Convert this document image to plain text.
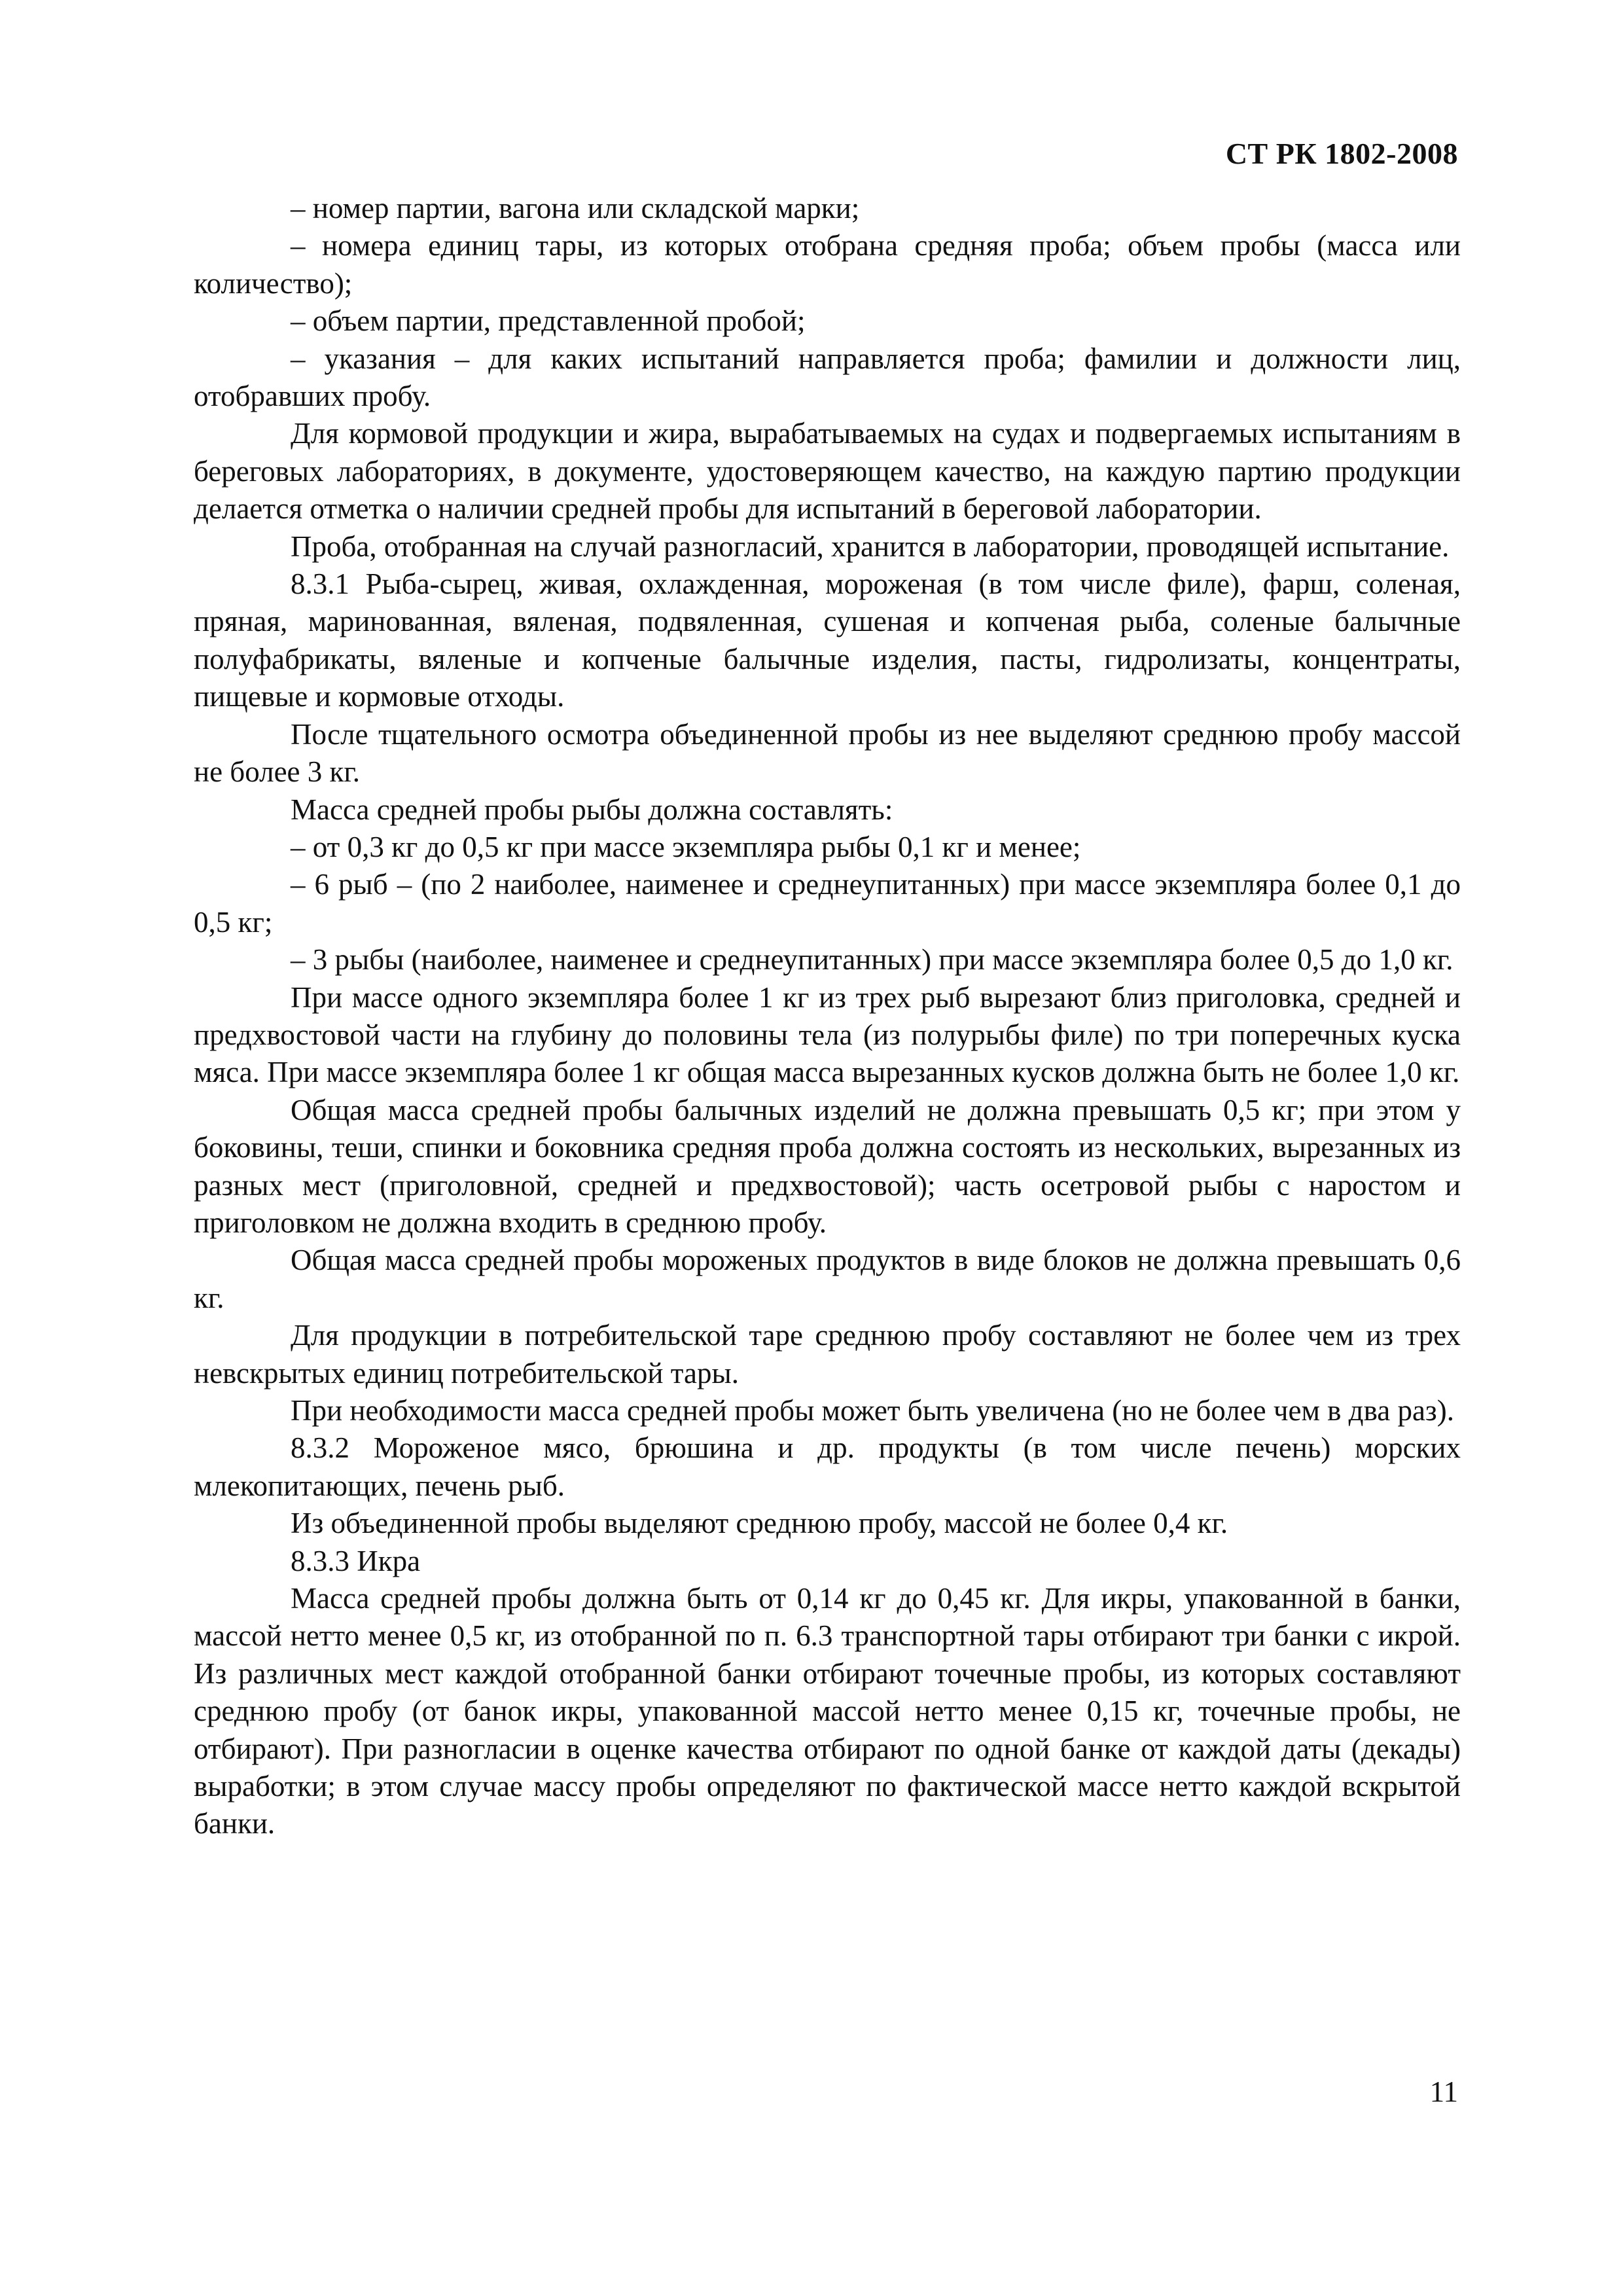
СТ РК 1802-2008

– номер партии, вагона или складской марки;

– номера единиц тары, из которых отобрана средняя проба; объем пробы (масса или количество);

– объем партии, представленной пробой;

– указания – для каких испытаний направляется проба; фамилии и должности лиц, отобравших пробу.

Для кормовой продукции и жира, вырабатываемых на судах и подвергаемых испытаниям в береговых лабораториях, в документе, удостоверяющем качество, на каждую партию продукции делается отметка о наличии средней пробы для испытаний в береговой лаборатории.

Проба, отобранная на случай разногласий, хранится в лаборатории, проводящей испытание.

8.3.1 Рыба-сырец, живая, охлажденная, мороженая (в том числе филе), фарш, соленая, пряная, маринованная, вяленая, подвяленная, сушеная и копченая рыба, соленые балычные полуфабрикаты, вяленые и копченые балычные изделия, пасты, гидролизаты, концентраты, пищевые и кормовые отходы.

После тщательного осмотра объединенной пробы из нее выделяют среднюю пробу массой не более 3 кг.

Масса средней пробы рыбы должна составлять:

– от 0,3 кг до 0,5 кг при массе экземпляра рыбы 0,1 кг и менее;

– 6 рыб – (по 2 наиболее, наименее и среднеупитанных) при массе экземпляра более 0,1 до 0,5 кг;

– 3 рыбы (наиболее, наименее и среднеупитанных) при массе экземпляра более 0,5 до 1,0 кг.

При массе одного экземпляра более 1 кг из трех рыб вырезают близ приголовка, средней и предхвостовой части на глубину до половины тела (из полурыбы филе) по три поперечных куска мяса. При массе экземпляра более 1 кг общая масса вырезанных кусков должна быть не более 1,0 кг.

Общая масса средней пробы балычных изделий не должна превышать 0,5 кг; при этом у боковины, теши, спинки и боковника средняя проба должна состоять из нескольких, вырезанных из разных мест (приголовной, средней и предхвостовой); часть осетровой рыбы с наростом и приголовком не должна входить в среднюю пробу.

Общая масса средней пробы мороженых продуктов в виде блоков не должна превышать 0,6 кг.

Для продукции в потребительской таре среднюю пробу составляют не более чем из трех невскрытых единиц потребительской тары.

При необходимости масса средней пробы может быть увеличена (но не более чем в два раз).

8.3.2 Мороженое мясо, брюшина и др. продукты (в том числе печень) морских млекопитающих, печень рыб.

Из объединенной пробы выделяют среднюю пробу, массой не более 0,4 кг.

8.3.3 Икра

Масса средней пробы должна быть от 0,14 кг до 0,45 кг. Для икры, упакованной в банки, массой нетто менее 0,5 кг, из отобранной по п. 6.3 транспортной тары отбирают три банки с икрой. Из различных мест каждой отобранной банки отбирают точечные пробы, из которых составляют среднюю пробу (от банок икры, упакованной массой нетто менее 0,15 кг, точечные пробы, не отбирают). При разногласии в оценке качества отбирают по одной банке от каждой даты (декады) выработки; в этом случае массу пробы определяют по фактической массе нетто каждой вскрытой банки.

11
